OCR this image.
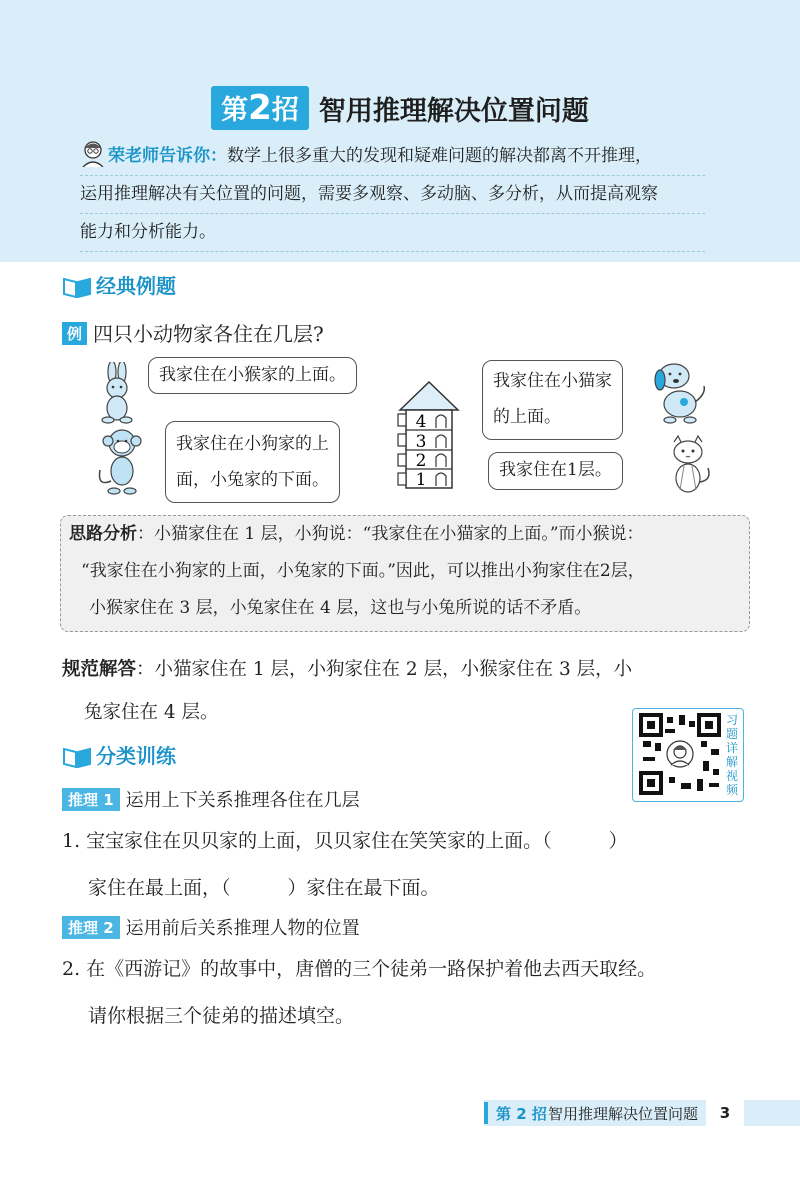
第2招 智用推理解决位置问题
荣老师告诉你：数学上很多重大的发现和疑难问题的解决都离不开推理，
运用推理解决有关位置的问题，需要多观察、多动脑、多分析，从而提高观察
能力和分析能力。
经典例题
例 四只小动物家各住在几层?
我家住在小猴家的上面。
我家住在小狗家的上
面，小兔家的下面。
4
3
2
1
我家住在小猫家
的上面。
我家住在1层。
思路分析：小猫家住在 1 层，小狗说：“我家住在小猫家的上面。”而小猴说：
“我家住在小狗家的上面，小兔家的下面。”因此，可以推出小狗家住在2层，
小猴家住在 3 层，小兔家住在 4 层，这也与小兔所说的话不矛盾。
规范解答：小猫家住在 1 层，小狗家住在 2 层，小猴家住在 3 层，小
兔家住在 4 层。	习题详解视频
分类训练
推理 1 运用上下关系推理各住在几层
1. 宝宝家住在贝贝家的上面，贝贝家住在笑笑家的上面。（　　　）
家住在最上面，（　　　）家住在最下面。
推理 2 运用前后关系推理人物的位置
2. 在《西游记》的故事中，唐僧的三个徒弟一路保护着他去西天取经。
请你根据三个徒弟的描述填空。
第 2 招 智用推理解决位置问题	3
